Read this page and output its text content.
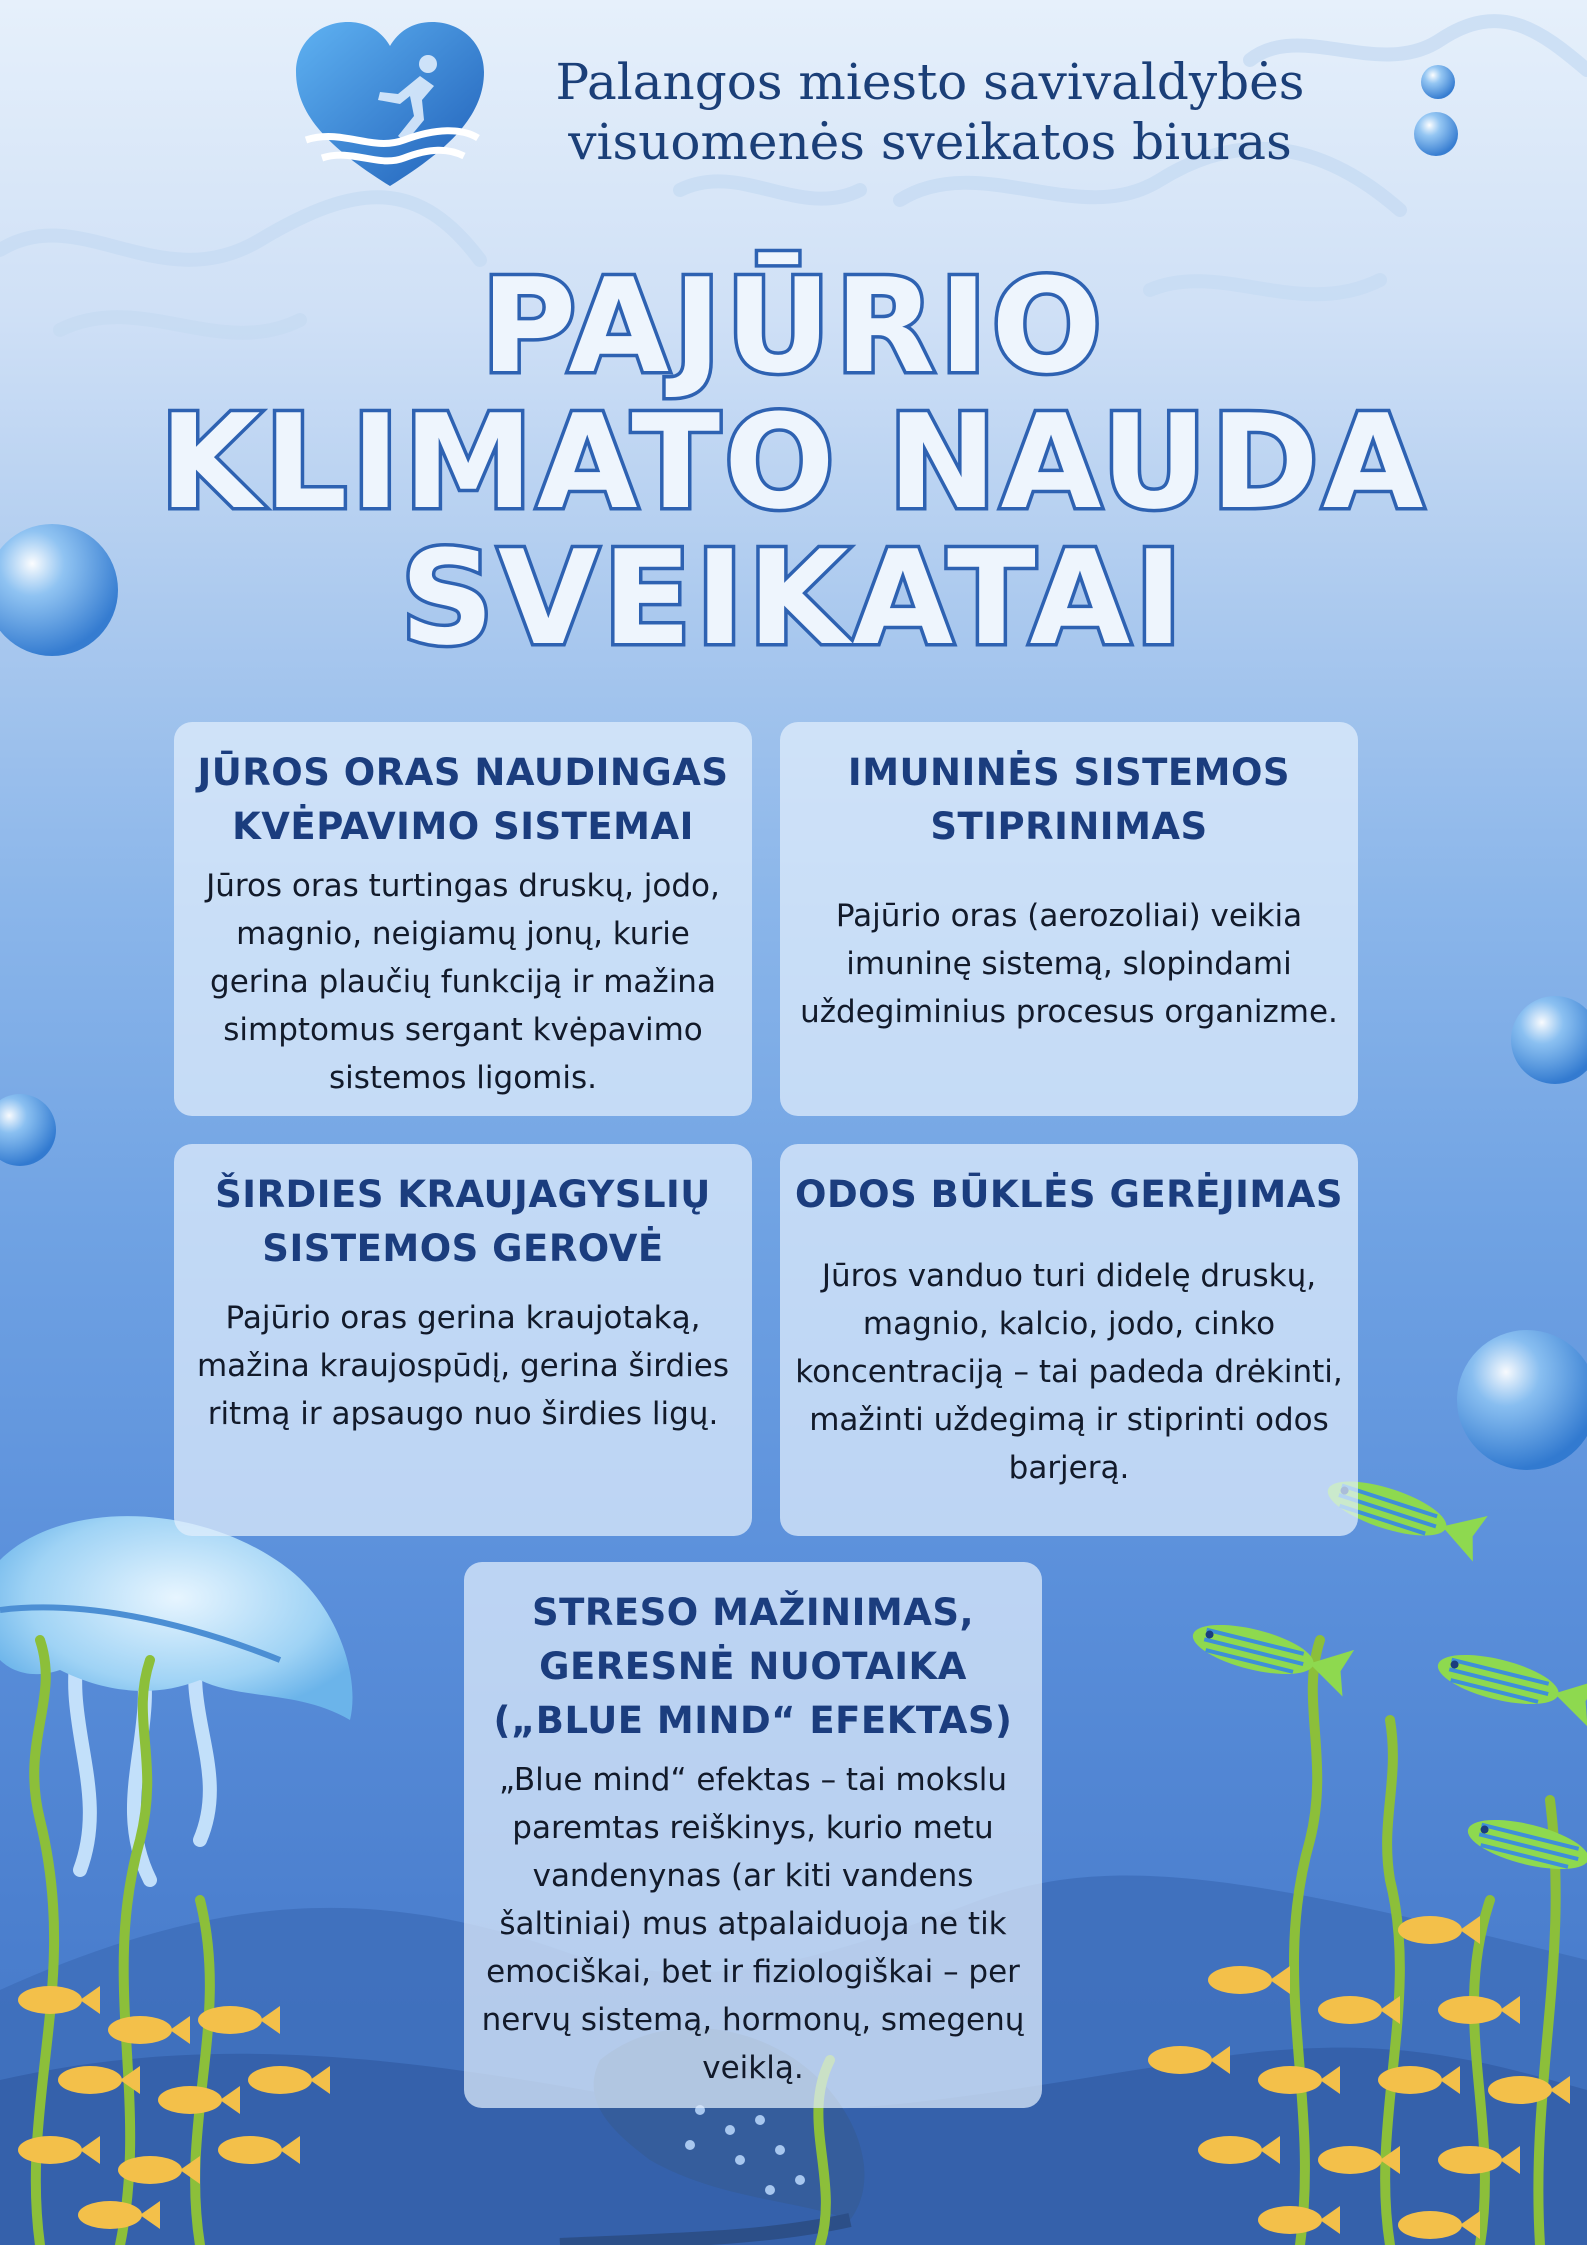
Palangos miesto savivaldybės
visuomenės sveikatos biuras
PAJŪRIO
KLIMATO NAUDA
SVEIKATAI

JŪROS ORAS NAUDINGAS KVĖPAVIMO SISTEMAI

Jūros oras turtingas druskų, jodo, magnio, neigiamų jonų, kurie gerina plaučių funkciją ir mažina simptomus sergant kvėpavimo sistemos ligomis.

IMUNINĖS SISTEMOS STIPRINIMAS

Pajūrio oras (aerozoliai) veikia imuninę sistemą, slopindami uždegiminius procesus organizme.

ŠIRDIES KRAUJAGYSLIŲ SISTEMOS GEROVĖ

Pajūrio oras gerina kraujotaką, mažina kraujospūdį, gerina širdies ritmą ir apsaugo nuo širdies ligų.

ODOS BŪKLĖS GERĖJIMAS

Jūros vanduo turi didelę druskų, magnio, kalcio, jodo, cinko koncentraciją – tai padeda drėkinti, mažinti uždegimą ir stiprinti odos barjerą.

STRESO MAŽINIMAS, GERESNĖ NUOTAIKA („BLUE MIND“ EFEKTAS)

„Blue mind“ efektas – tai mokslu paremtas reiškinys, kurio metu vandenynas (ar kiti vandens šaltiniai) mus atpalaiduoja ne tik emociškai, bet ir fiziologiškai – per nervų sistemą, hormonų, smegenų veiklą.
